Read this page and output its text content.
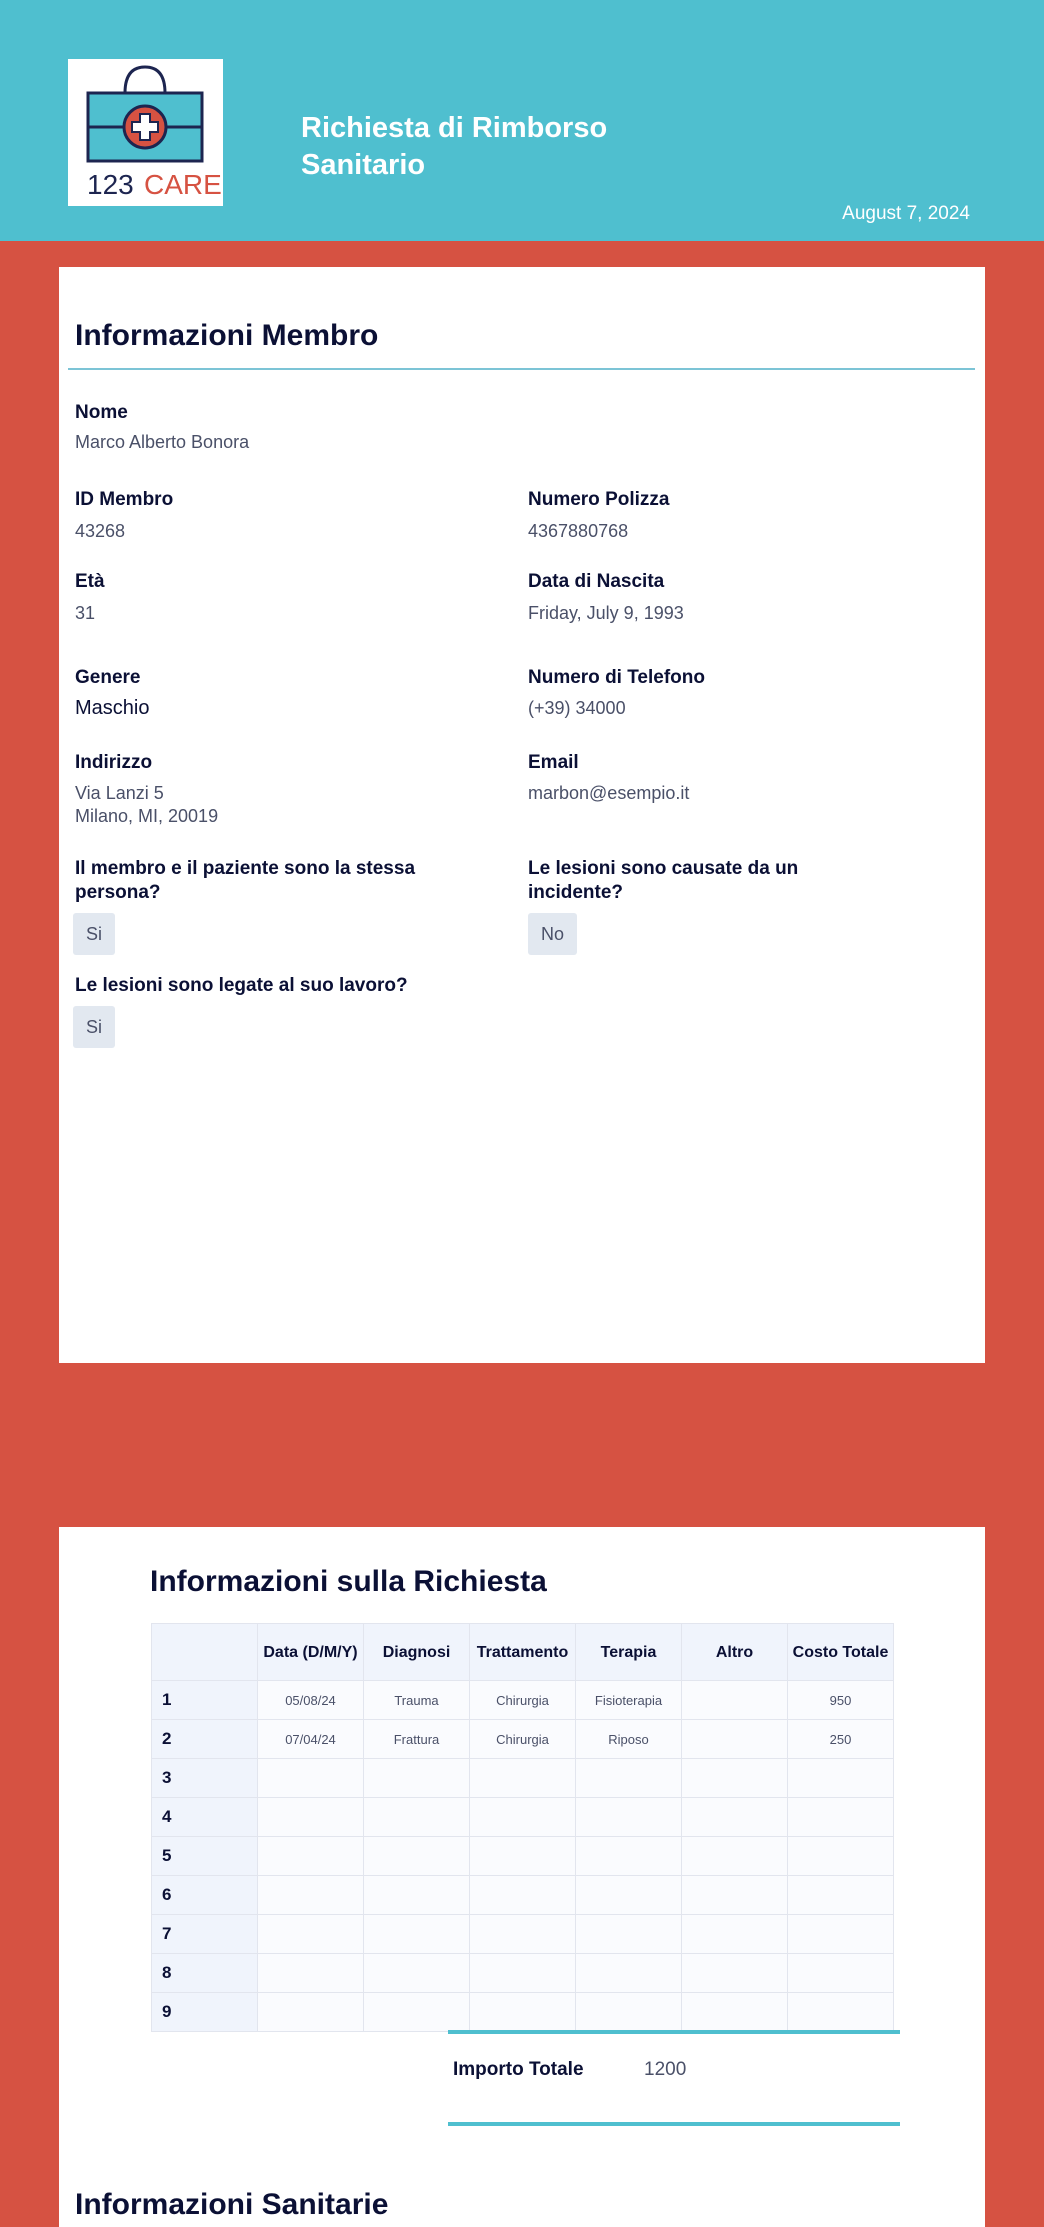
123 CARE
Richiesta di Rimborso Sanitario
August 7, 2024
Informazioni Membro
Nome
Marco Alberto Bonora
ID Membro
43268
Numero Polizza
4367880768
Età
31
Data di Nascita
Friday, July 9, 1993
Genere
Maschio
Numero di Telefono
(+39) 34000
Indirizzo
Via Lanzi 5
Milano, MI, 20019
Email
marbon@esempio.it
Il membro e il paziente sono la stessa persona?
Si
Le lesioni sono causate da un incidente?
No
Le lesioni sono legate al suo lavoro?
Si
Informazioni sulla Richiesta
	Data (D/M/Y)	Diagnosi	Trattamento	Terapia	Altro	Costo Totale
1	05/08/24	Trauma	Chirurgia	Fisioterapia		950
2	07/04/24	Frattura	Chirurgia	Riposo		250
3						
4						
5						
6						
7						
8						
9						
Importo Totale	1200
Informazioni Sanitarie
